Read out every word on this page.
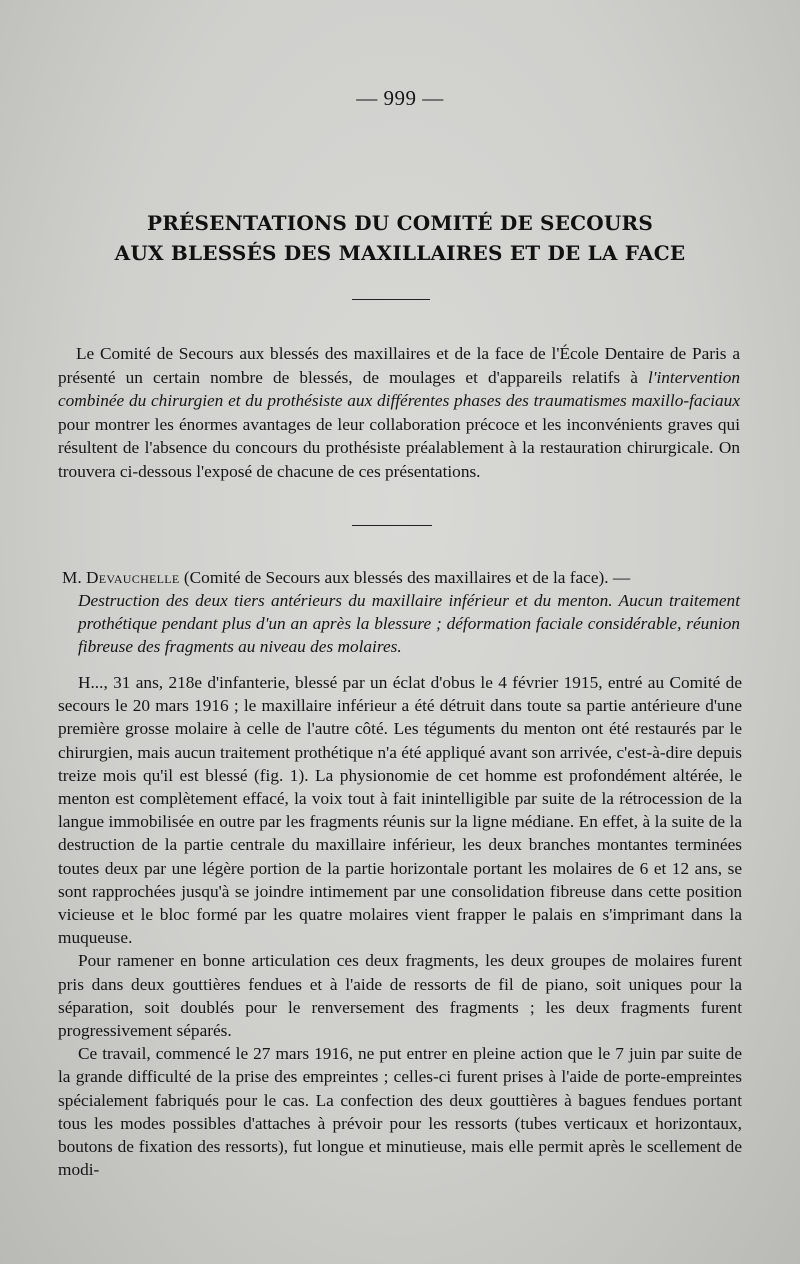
— 999 —
PRÉSENTATIONS DU COMITÉ DE SECOURS
AUX BLESSÉS DES MAXILLAIRES ET DE LA FACE
Le Comité de Secours aux blessés des maxillaires et de la face de l'École Dentaire de Paris a présenté un certain nombre de blessés, de moulages et d'appareils relatifs à l'intervention combinée du chirurgien et du prothésiste aux différentes phases des traumatismes maxillo-faciaux pour montrer les énormes avantages de leur collaboration précoce et les inconvénients graves qui résultent de l'absence du concours du prothésiste préalablement à la restauration chirurgicale. On trouvera ci-dessous l'exposé de chacune de ces présentations.
M. Devauchelle (Comité de Secours aux blessés des maxillaires et de la face). —
Destruction des deux tiers antérieurs du maxillaire inférieur et du menton. Aucun traitement prothétique pendant plus d'un an après la blessure ; déformation faciale considérable, réunion fibreuse des fragments au niveau des molaires.

H..., 31 ans, 218e d'infanterie, blessé par un éclat d'obus le 4 février 1915, entré au Comité de secours le 20 mars 1916 ; le maxillaire inférieur a été détruit dans toute sa partie antérieure d'une première grosse molaire à celle de l'autre côté. Les téguments du menton ont été restaurés par le chirurgien, mais aucun traitement prothétique n'a été appliqué avant son arrivée, c'est-à-dire depuis treize mois qu'il est blessé (fig. 1). La physionomie de cet homme est profondément altérée, le menton est complètement effacé, la voix tout à fait inintelligible par suite de la rétrocession de la langue immobilisée en outre par les fragments réunis sur la ligne médiane. En effet, à la suite de la destruction de la partie centrale du maxillaire inférieur, les deux branches montantes terminées toutes deux par une légère portion de la partie horizontale portant les molaires de 6 et 12 ans, se sont rapprochées jusqu'à se joindre intimement par une consolidation fibreuse dans cette position vicieuse et le bloc formé par les quatre molaires vient frapper le palais en s'imprimant dans la muqueuse.

Pour ramener en bonne articulation ces deux fragments, les deux groupes de molaires furent pris dans deux gouttières fendues et à l'aide de ressorts de fil de piano, soit uniques pour la séparation, soit doublés pour le renversement des fragments ; les deux fragments furent progressivement séparés.

Ce travail, commencé le 27 mars 1916, ne put entrer en pleine action que le 7 juin par suite de la grande difficulté de la prise des empreintes ; celles-ci furent prises à l'aide de porte-empreintes spécialement fabriqués pour le cas. La confection des deux gouttières à bagues fendues portant tous les modes possibles d'attaches à prévoir pour les ressorts (tubes verticaux et horizontaux, boutons de fixation des ressorts), fut longue et minutieuse, mais elle permit après le scellement de modi-
